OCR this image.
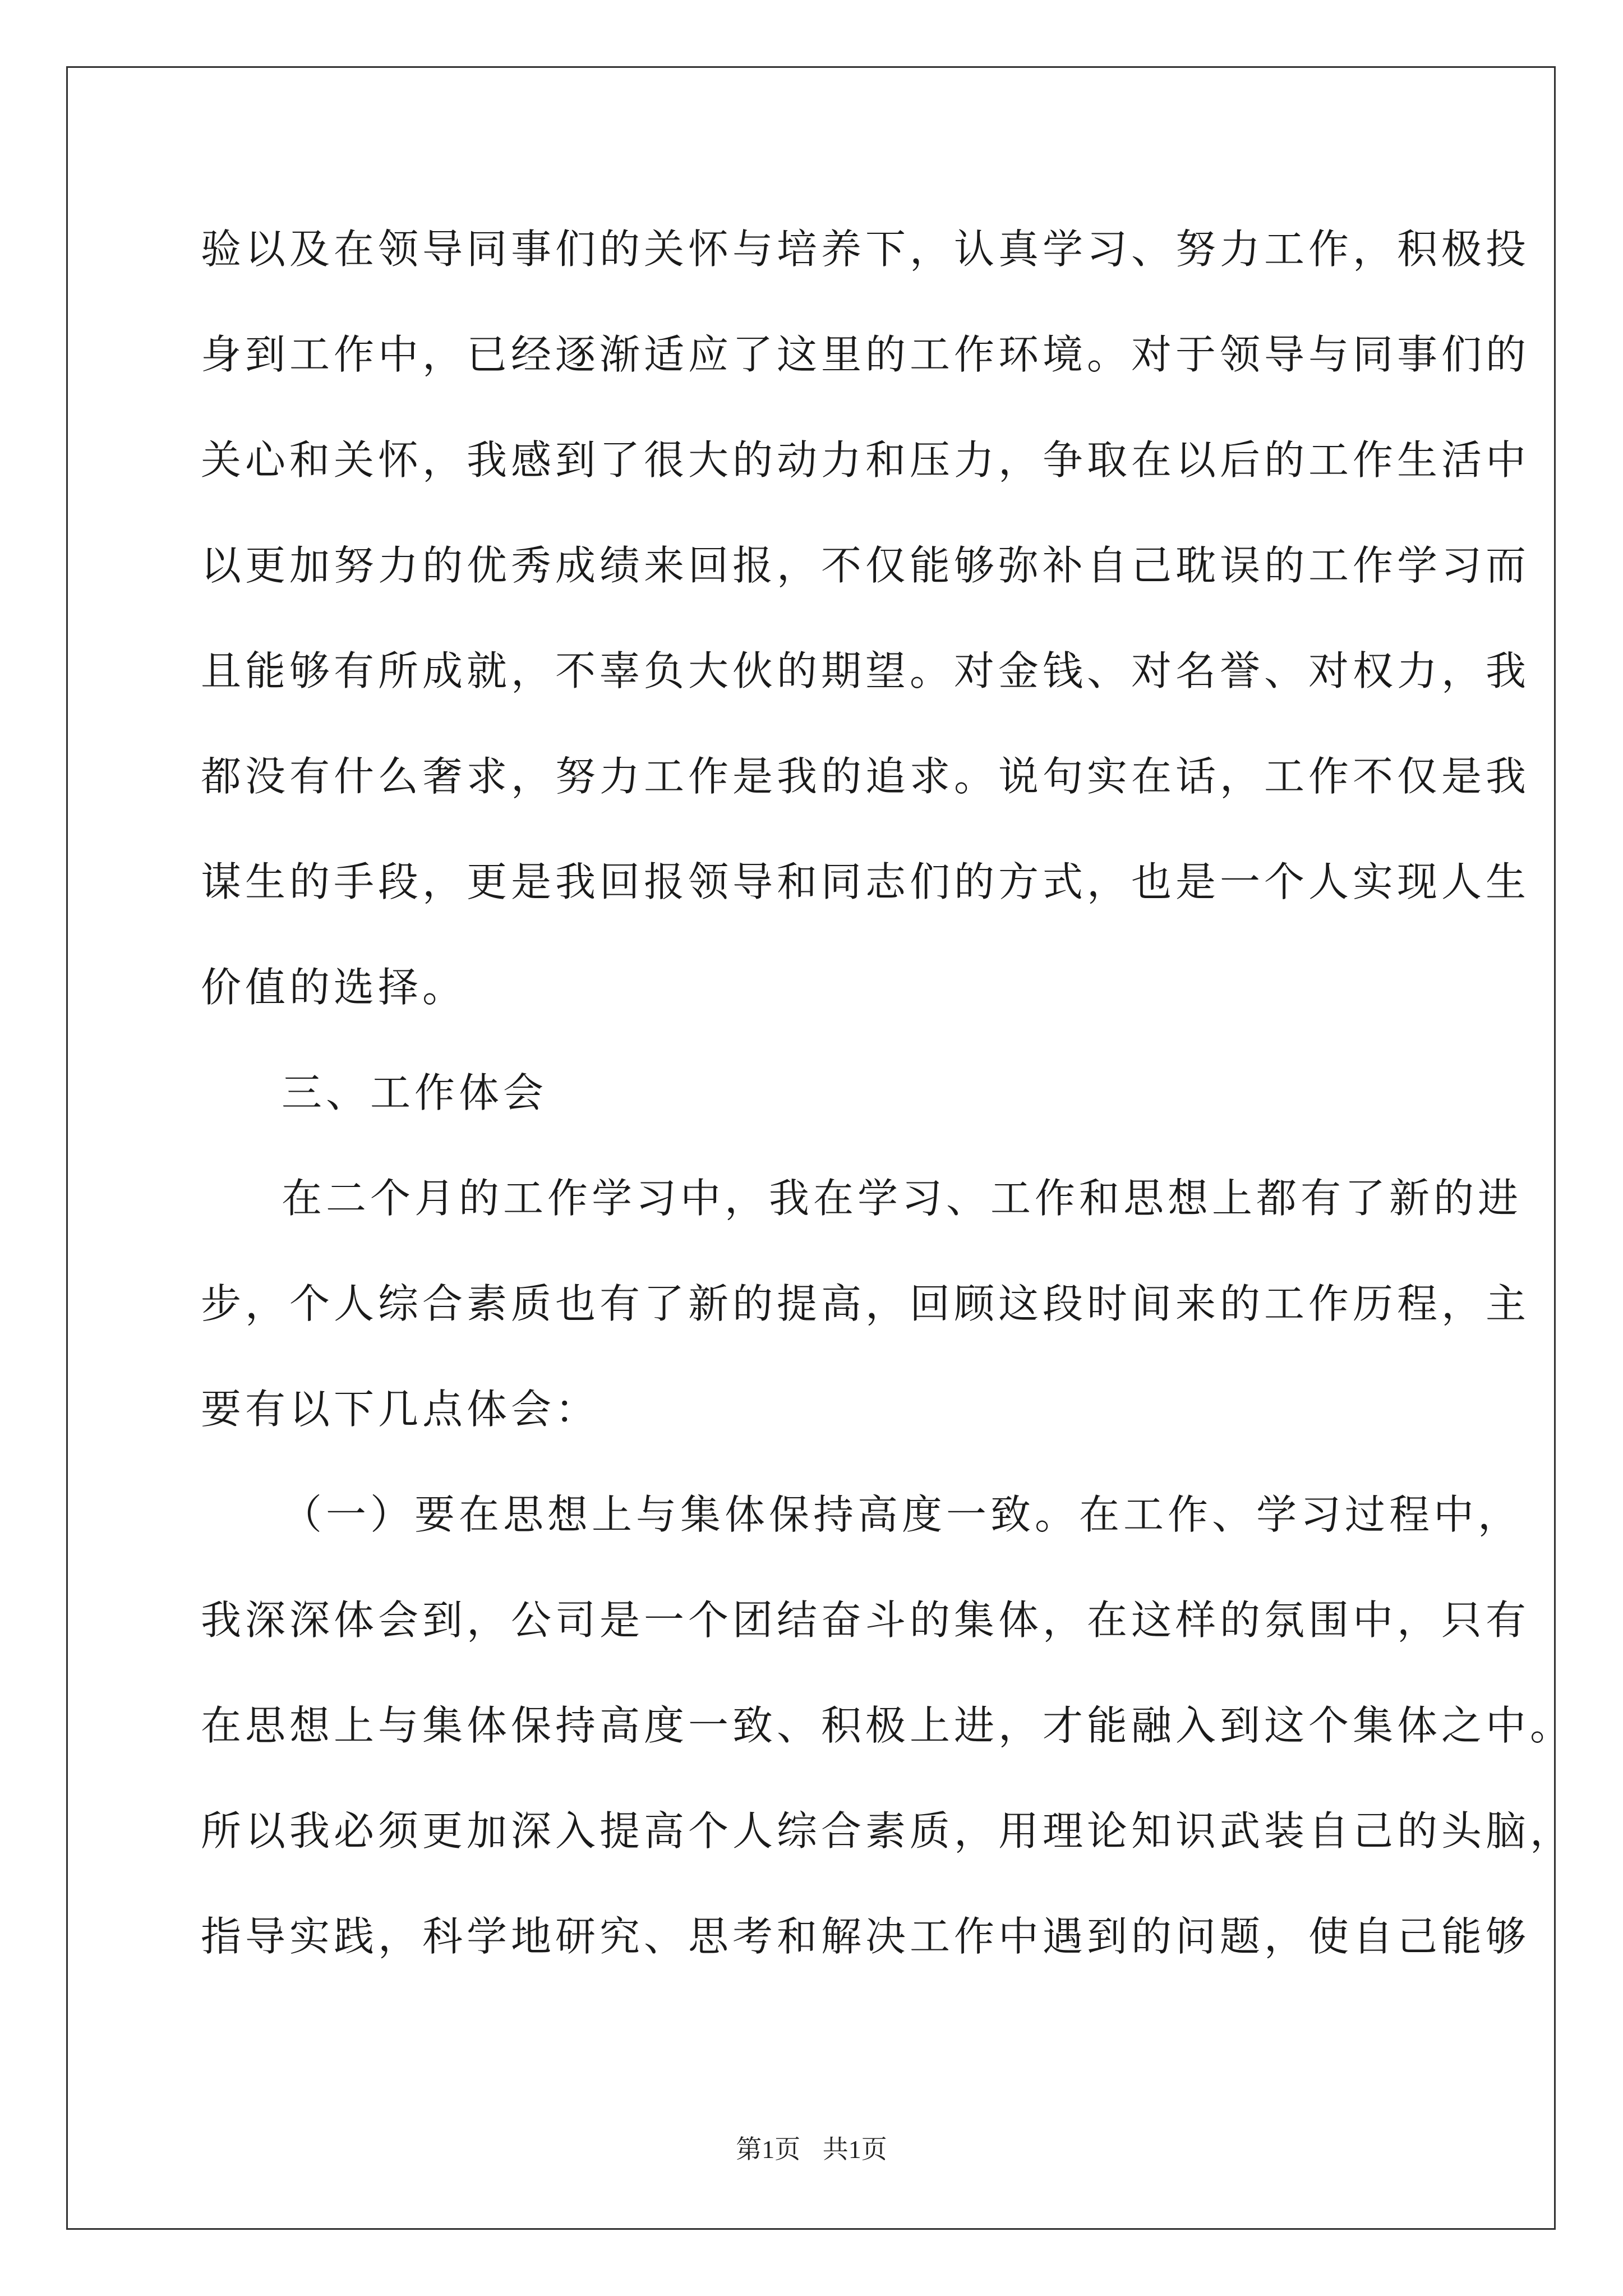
验以及在领导同事们的关怀与培养下，认真学习、努力工作，积极投
身到工作中，已经逐渐适应了这里的工作环境。对于领导与同事们的
关心和关怀，我感到了很大的动力和压力，争取在以后的工作生活中
以更加努力的优秀成绩来回报，不仅能够弥补自己耽误的工作学习而
且能够有所成就，不辜负大伙的期望。对金钱、对名誉、对权力，我
都没有什么奢求，努力工作是我的追求。说句实在话，工作不仅是我
谋生的手段，更是我回报领导和同志们的方式，也是一个人实现人生
价值的选择。
三、工作体会
在二个月的工作学习中，我在学习、工作和思想上都有了新的进
步，个人综合素质也有了新的提高，回顾这段时间来的工作历程，主
要有以下几点体会：
（一）要在思想上与集体保持高度一致。在工作、学习过程中，
我深深体会到，公司是一个团结奋斗的集体，在这样的氛围中，只有
在思想上与集体保持高度一致、积极上进，才能融入到这个集体之中。
所以我必须更加深入提高个人综合素质，用理论知识武装自己的头脑，
指导实践，科学地研究、思考和解决工作中遇到的问题，使自己能够
第1页 共1页
